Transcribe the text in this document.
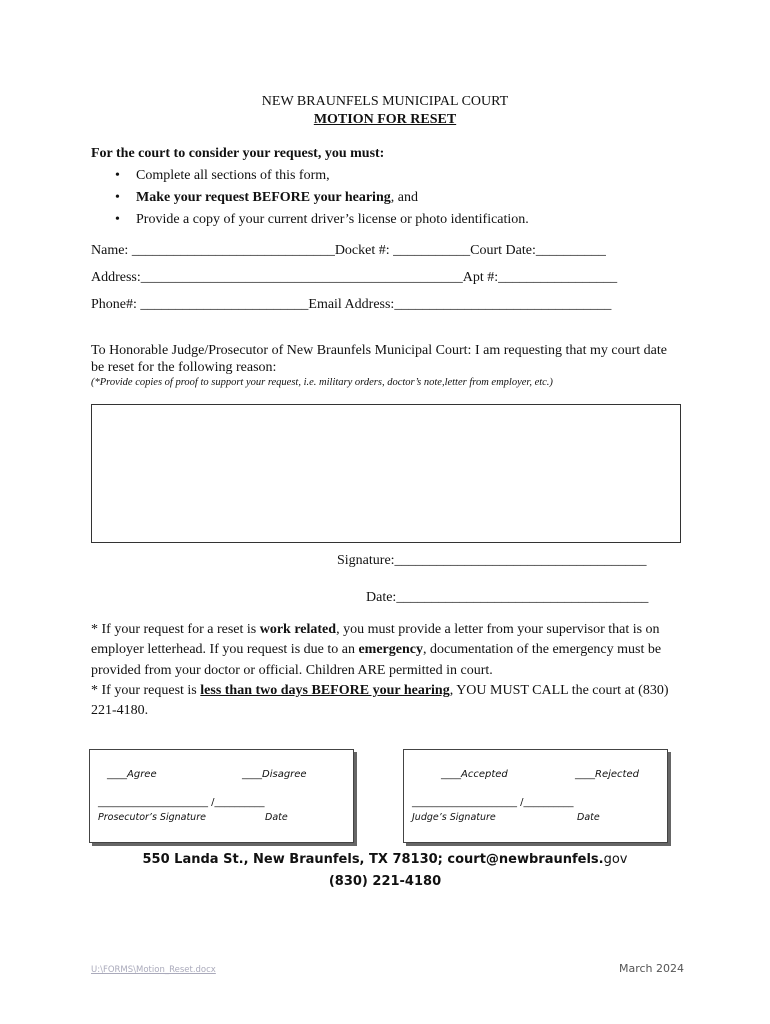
NEW BRAUNFELS MUNICIPAL COURT
MOTION FOR RESET
For the court to consider your request, you must:
• Complete all sections of this form,
• Make your request BEFORE your hearing, and
• Provide a copy of your current driver’s license or photo identification.
Name: _____________________________Docket #: ___________Court Date:__________
Address:______________________________________________Apt #:_________________
Phone#: ________________________Email Address:_______________________________
To Honorable Judge/Prosecutor of New Braunfels Municipal Court: I am requesting that my court date be reset for the following reason:
(*Provide copies of proof to support your request, i.e. military orders, doctor’s note,letter from employer, etc.)
Signature:____________________________________
Date:____________________________________
* If your request for a reset is work related, you must provide a letter from your supervisor that is on employer letterhead. If you request is due to an emergency, documentation of the emergency must be provided from your doctor or official. Children ARE permitted in court.
* If your request is less than two days BEFORE your hearing, YOU MUST CALL the court at (830) 221-4180.
____Agree	____Disagree
______________________ /__________
Prosecutor’s Signature	Date
____Accepted	____Rejected
_____________________ /__________
Judge’s Signature	Date
550 Landa St., New Braunfels, TX 78130; court@newbraunfels.gov
(830) 221-4180
U:\FORMS\Motion_Reset.docx	March 2024
